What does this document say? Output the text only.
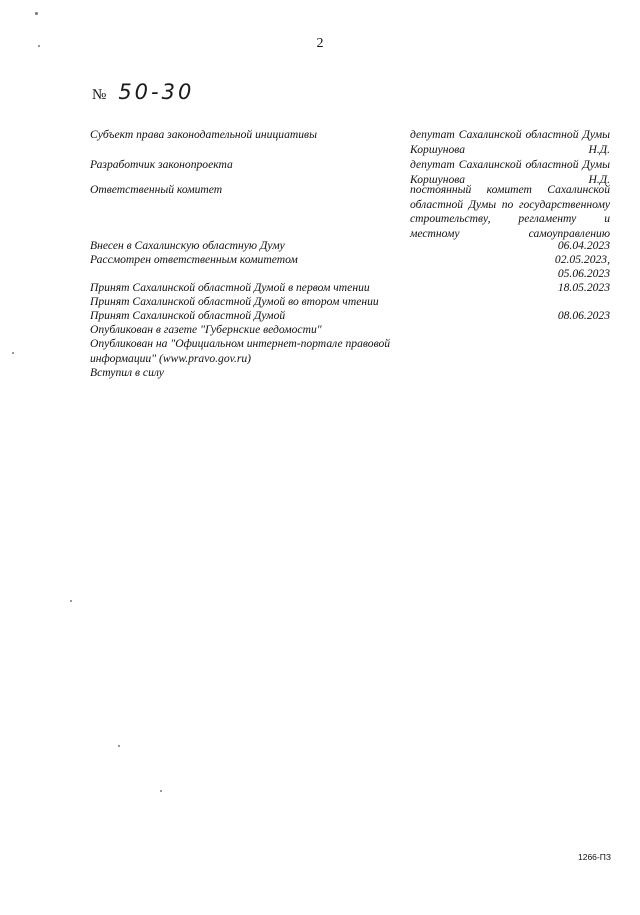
2
№ 50-30
Субъект права законодательной инициативы	депутат Сахалинской областной Думы Коршунова Н.Д.
Разработчик законопроекта	депутат Сахалинской областной Думы Коршунова Н.Д.
Ответственный комитет	постоянный комитет Сахалинской областной Думы по государственному строительству, регламенту и местному самоуправлению
Внесен в Сахалинскую областную Думу	06.04.2023
Рассмотрен ответственным комитетом	02.05.2023,
05.06.2023
Принят Сахалинской областной Думой в первом чтении	18.05.2023
Принят Сахалинской областной Думой во втором чтении
Принят Сахалинской областной Думой	08.06.2023
Опубликован в газете "Губернские ведомости"
Опубликован на "Официальном интернет-портале правовой информации" (www.pravo.gov.ru)
Вступил в силу
1266-ПЗ
